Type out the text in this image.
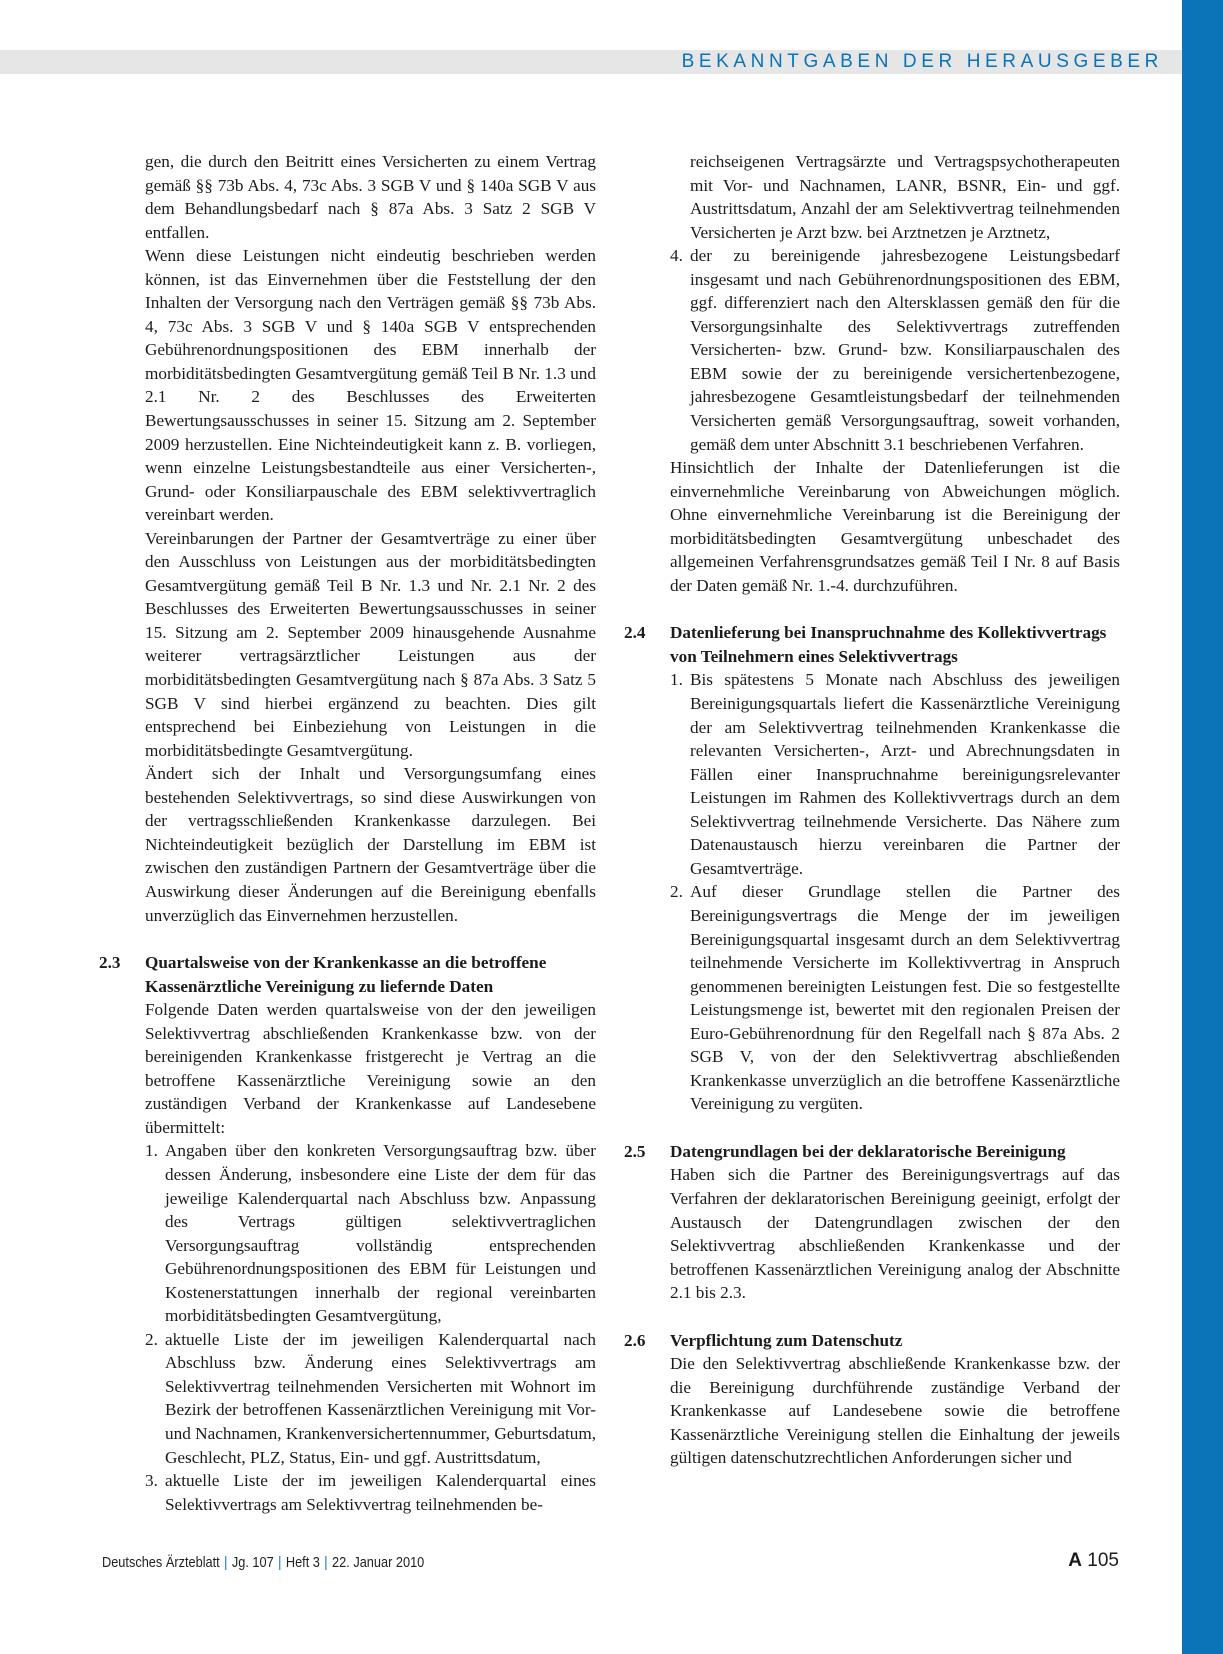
BEKANNTGABEN DER HERAUSGEBER

gen, die durch den Beitritt eines Versicherten zu einem Vertrag gemäß §§ 73b Abs. 4, 73c Abs. 3 SGB V und § 140a SGB V aus dem Behandlungsbedarf nach § 87a Abs. 3 Satz 2 SGB V entfallen.

Wenn diese Leistungen nicht eindeutig beschrieben werden können, ist das Einvernehmen über die Feststellung der den Inhalten der Versorgung nach den Verträgen gemäß §§ 73b Abs. 4, 73c Abs. 3 SGB V und § 140a SGB V entsprechenden Gebührenordnungspositionen des EBM innerhalb der morbiditätsbedingten Gesamtvergütung gemäß Teil B Nr. 1.3 und 2.1 Nr. 2 des Beschlusses des Erweiterten Bewertungsausschusses in seiner 15. Sitzung am 2. September 2009 herzustellen. Eine Nichteindeutigkeit kann z. B. vorliegen, wenn einzelne Leistungsbestandteile aus einer Versicherten-, Grund- oder Konsiliarpauschale des EBM selektivvertraglich vereinbart werden.

Vereinbarungen der Partner der Gesamtverträge zu einer über den Ausschluss von Leistungen aus der morbiditätsbedingten Gesamtvergütung gemäß Teil B Nr. 1.3 und Nr. 2.1 Nr. 2 des Beschlusses des Erweiterten Bewertungsausschusses in seiner 15. Sitzung am 2. September 2009 hinausgehende Ausnahme weiterer vertragsärztlicher Leistungen aus der morbiditätsbedingten Gesamtvergütung nach § 87a Abs. 3 Satz 5 SGB V sind hierbei ergänzend zu beachten. Dies gilt entsprechend bei Einbeziehung von Leistungen in die morbiditätsbedingte Gesamtvergütung.

Ändert sich der Inhalt und Versorgungsumfang eines bestehenden Selektivvertrags, so sind diese Auswirkungen von der vertragsschließenden Krankenkasse darzulegen. Bei Nichteindeutigkeit bezüglich der Darstellung im EBM ist zwischen den zuständigen Partnern der Gesamtverträge über die Auswirkung dieser Änderungen auf die Bereinigung ebenfalls unverzüglich das Einvernehmen herzustellen.

2.3 Quartalsweise von der Krankenkasse an die betroffene Kassenärztliche Vereinigung zu liefernde Daten

Folgende Daten werden quartalsweise von der den jeweiligen Selektivvertrag abschließenden Krankenkasse bzw. von der bereinigenden Krankenkasse fristgerecht je Vertrag an die betroffene Kassenärztliche Vereinigung sowie an den zuständigen Verband der Krankenkasse auf Landesebene übermittelt:

1. Angaben über den konkreten Versorgungsauftrag bzw. über dessen Änderung, insbesondere eine Liste der dem für das jeweilige Kalenderquartal nach Abschluss bzw. Anpassung des Vertrags gültigen selektivvertraglichen Versorgungsauftrag vollständig entsprechenden Gebührenordnungspositionen des EBM für Leistungen und Kostenerstattungen innerhalb der regional vereinbarten morbiditätsbedingten Gesamtvergütung,
2. aktuelle Liste der im jeweiligen Kalenderquartal nach Abschluss bzw. Änderung eines Selektivvertrags am Selektivvertrag teilnehmenden Versicherten mit Wohnort im Bezirk der betroffenen Kassenärztlichen Vereinigung mit Vor- und Nachnamen, Krankenversichertennummer, Geburtsdatum, Geschlecht, PLZ, Status, Ein- und ggf. Austrittsdatum,
3. aktuelle Liste der im jeweiligen Kalenderquartal eines Selektivvertrags am Selektivvertrag teilnehmenden be-

reichseigenen Vertragsärzte und Vertragspsychotherapeuten mit Vor- und Nachnamen, LANR, BSNR, Ein- und ggf. Austrittsdatum, Anzahl der am Selektivvertrag teilnehmenden Versicherten je Arzt bzw. bei Arztnetzen je Arztnetz,

4. der zu bereinigende jahresbezogene Leistungsbedarf insgesamt und nach Gebührenordnungspositionen des EBM, ggf. differenziert nach den Altersklassen gemäß den für die Versorgungsinhalte des Selektivvertrags zutreffenden Versicherten- bzw. Grund- bzw. Konsiliarpauschalen des EBM sowie der zu bereinigende versichertenbezogene, jahresbezogene Gesamtleistungsbedarf der teilnehmenden Versicherten gemäß Versorgungsauftrag, soweit vorhanden, gemäß dem unter Abschnitt 3.1 beschriebenen Verfahren.

Hinsichtlich der Inhalte der Datenlieferungen ist die einvernehmliche Vereinbarung von Abweichungen möglich. Ohne einvernehmliche Vereinbarung ist die Bereinigung der morbiditätsbedingten Gesamtvergütung unbeschadet des allgemeinen Verfahrensgrundsatzes gemäß Teil I Nr. 8 auf Basis der Daten gemäß Nr. 1.-4. durchzuführen.

2.4 Datenlieferung bei Inanspruchnahme des Kollektivvertrags von Teilnehmern eines Selektivvertrags

1. Bis spätestens 5 Monate nach Abschluss des jeweiligen Bereinigungsquartals liefert die Kassenärztliche Vereinigung der am Selektivvertrag teilnehmenden Krankenkasse die relevanten Versicherten-, Arzt- und Abrechnungsdaten in Fällen einer Inanspruchnahme bereinigungsrelevanter Leistungen im Rahmen des Kollektivvertrags durch an dem Selektivvertrag teilnehmende Versicherte. Das Nähere zum Datenaustausch hierzu vereinbaren die Partner der Gesamtverträge.
2. Auf dieser Grundlage stellen die Partner des Bereinigungsvertrags die Menge der im jeweiligen Bereinigungsquartal insgesamt durch an dem Selektivvertrag teilnehmende Versicherte im Kollektivvertrag in Anspruch genommenen bereinigten Leistungen fest. Die so festgestellte Leistungsmenge ist, bewertet mit den regionalen Preisen der Euro-Gebührenordnung für den Regelfall nach § 87a Abs. 2 SGB V, von der den Selektivvertrag abschließenden Krankenkasse unverzüglich an die betroffene Kassenärztliche Vereinigung zu vergüten.
2.5 Datengrundlagen bei der deklaratorische Bereinigung

Haben sich die Partner des Bereinigungsvertrags auf das Verfahren der deklaratorischen Bereinigung geeinigt, erfolgt der Austausch der Datengrundlagen zwischen der den Selektivvertrag abschließenden Krankenkasse und der betroffenen Kassenärztlichen Vereinigung analog der Abschnitte 2.1 bis 2.3.

2.6 Verpflichtung zum Datenschutz

Die den Selektivvertrag abschließende Krankenkasse bzw. der die Bereinigung durchführende zuständige Verband der Krankenkasse auf Landesebene sowie die betroffene Kassenärztliche Vereinigung stellen die Einhaltung der jeweils gültigen datenschutzrechtlichen Anforderungen sicher und

Deutsches Ärzteblatt | Jg. 107 | Heft 3 | 22. Januar 2010	A 105
